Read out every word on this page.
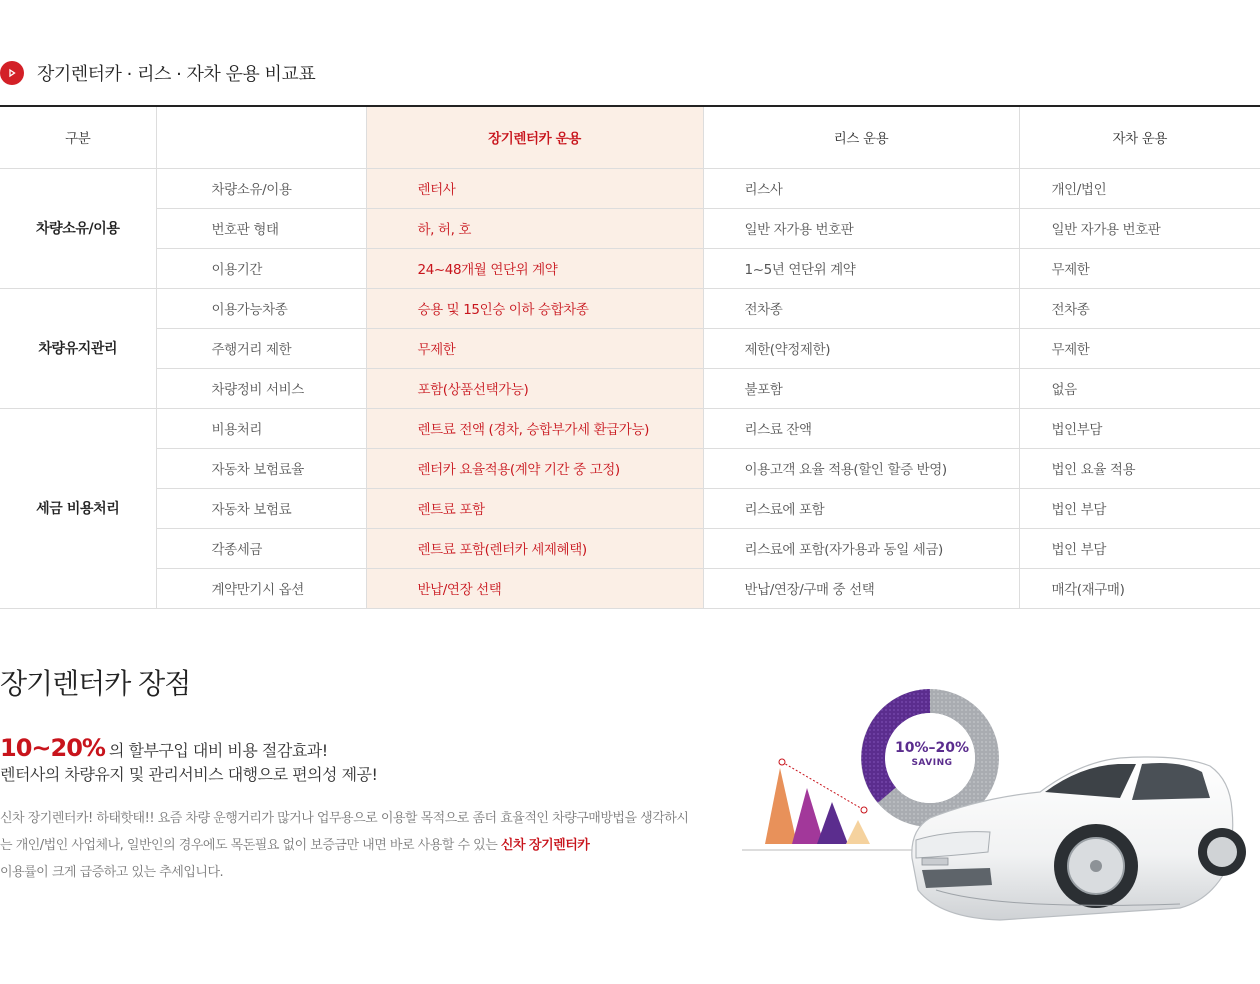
장기렌터카 · 리스 · 자차 운용 비교표
구분		장기렌터카 운용	리스 운용	자차 운용
차량소유/이용	차량소유/이용	렌터사	리스사	개인/법인
	번호판 형태	하, 허, 호	일반 자가용 번호판	일반 자가용 번호판
	이용기간	24~48개월 연단위 계약	1~5년 연단위 계약	무제한
차량유지관리	이용가능차종	승용 및 15인승 이하 승합차종	전차종	전차종
	주행거리 제한	무제한	제한(약정제한)	무제한
	차량정비 서비스	포함(상품선택가능)	불포함	없음
세금 비용처리	비용처리	렌트료 전액 (경차, 승합부가세 환급가능)	리스료 잔액	법인부담
	자동차 보험료율	렌터카 요율적용(계약 기간 중 고정)	이용고객 요율 적용(할인 할증 반영)	법인 요율 적용
	자동차 보험료	렌트료 포함	리스료에 포함	법인 부담
	각종세금	렌트료 포함(렌터카 세제혜택)	리스료에 포함(자가용과 동일 세금)	법인 부담
	계약만기시 옵션	반납/연장 선택	반납/연장/구매 중 선택	매각(재구매)
장기렌터카 장점
10~20% 의 할부구입 대비 비용 절감효과!
렌터사의 차량유지 및 관리서비스 대행으로 편의성 제공!

신차 장기렌터카! 하태핫태!! 요즘 차량 운행거리가 많거나 업무용으로 이용할 목적으로 좀더 효율적인 차량구매방법을 생각하시는 개인/법인 사업체나, 일반인의 경우에도 목돈필요 없이 보증금만 내면 바로 사용할 수 있는 신차 장기렌터카
이용률이 크게 급증하고 있는 추세입니다.

10%–20%
SAVING
